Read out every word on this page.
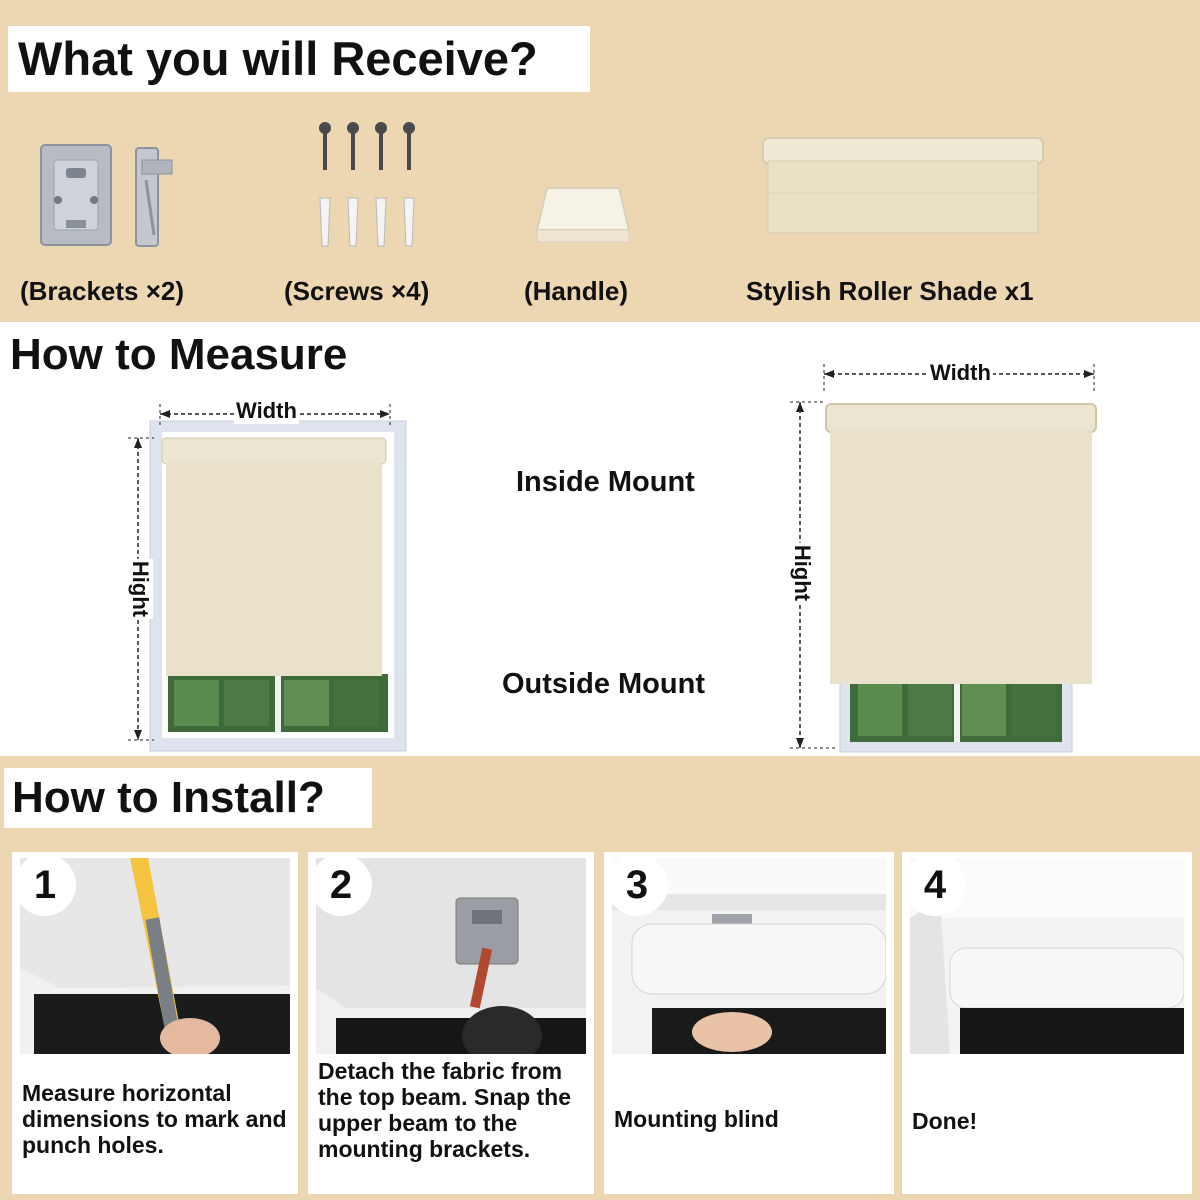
What you will Receive?
(Brackets ×2)	(Screws ×4)	(Handle)	Stylish Roller Shade x1
How to Measure
Width
Hight
Inside Mount
Outside Mount
Width
Hight
How to Install?
1
Measure horizontal dimensions to mark and punch holes.
2
Detach the fabric from the top beam. Snap the upper beam to the mounting brackets.
3
Mounting blind
4
Done!
